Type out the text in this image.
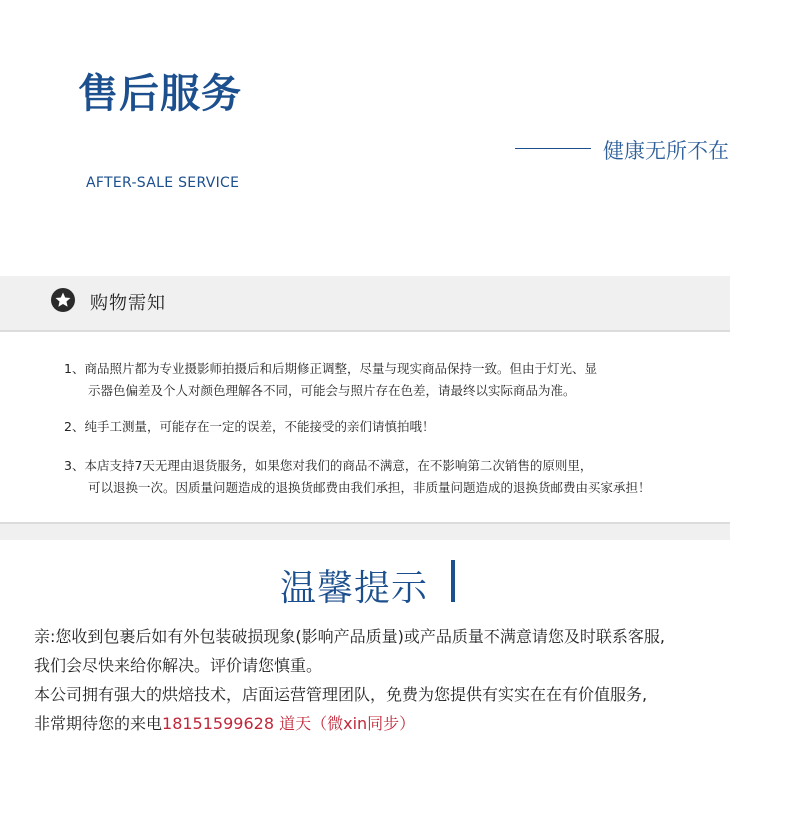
售后服务
健康无所不在
AFTER-SALE SERVICE
购物需知
1、商品照片都为专业摄影师拍摄后和后期修正调整，尽量与现实商品保持一致。但由于灯光、显
示器色偏差及个人对颜色理解各不同，可能会与照片存在色差，请最终以实际商品为准。
2、纯手工测量，可能存在一定的误差，不能接受的亲们请慎拍哦！
3、本店支持7天无理由退货服务，如果您对我们的商品不满意，在不影响第二次销售的原则里，
可以退换一次。因质量问题造成的退换货邮费由我们承担，非质量问题造成的退换货邮费由买家承担！
温馨提示
亲:您收到包裹后如有外包装破损现象(影响产品质量)或产品质量不满意请您及时联系客服,
我们会尽快来给你解决。评价请您慎重。
本公司拥有强大的烘焙技术，店面运营管理团队，免费为您提供有实实在在有价值服务,
非常期待您的来电18151599628 道天（微xin同步）
